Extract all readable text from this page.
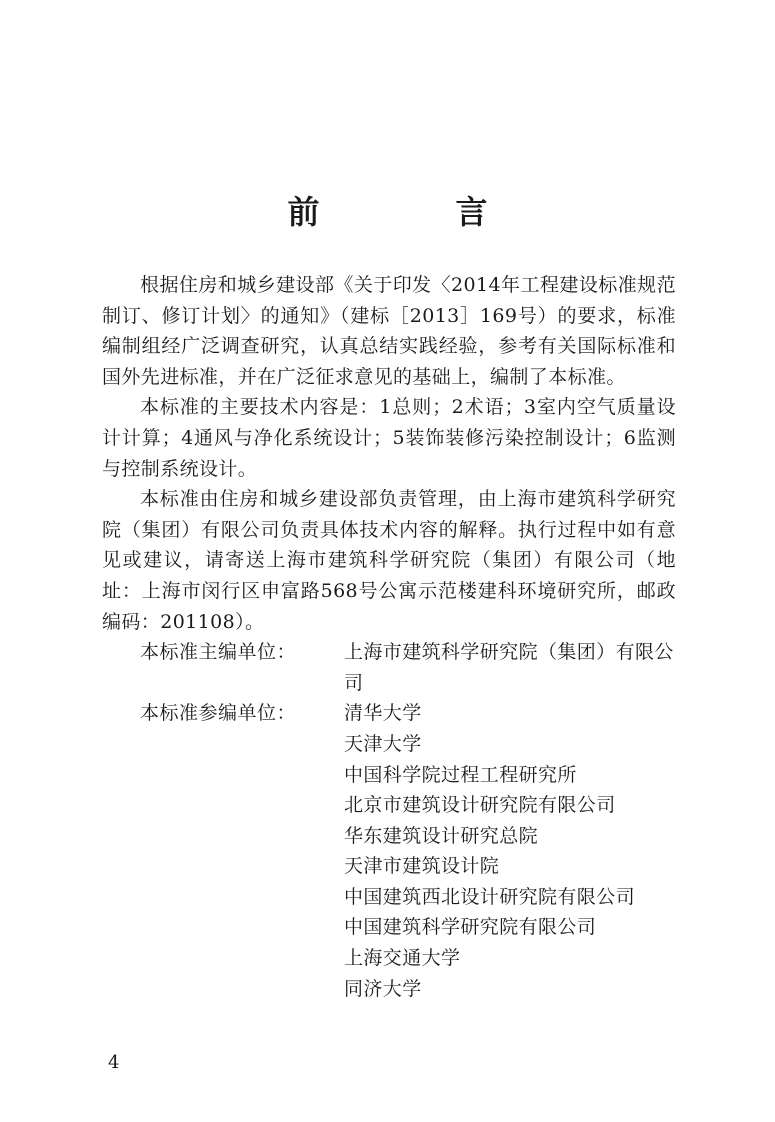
前　言

根据住房和城乡建设部《关于印发〈2014年工程建设标准规范制订、修订计划〉的通知》（建标［2013］169号）的要求，标准编制组经广泛调查研究，认真总结实践经验，参考有关国际标准和国外先进标准，并在广泛征求意见的基础上，编制了本标准。

本标准的主要技术内容是：1总则；2术语；3室内空气质量设计计算；4通风与净化系统设计；5装饰装修污染控制设计；6监测与控制系统设计。

本标准由住房和城乡建设部负责管理，由上海市建筑科学研究院（集团）有限公司负责具体技术内容的解释。执行过程中如有意见或建议，请寄送上海市建筑科学研究院（集团）有限公司（地址：上海市闵行区申富路568号公寓示范楼建科环境研究所，邮政编码：201108）。

本标准主编单位：	上海市建筑科学研究院（集团）有限公司
本标准参编单位：	清华大学
天津大学
中国科学院过程工程研究所
北京市建筑设计研究院有限公司
华东建筑设计研究总院
天津市建筑设计院
中国建筑西北设计研究院有限公司
中国建筑科学研究院有限公司
上海交通大学
同济大学
4
